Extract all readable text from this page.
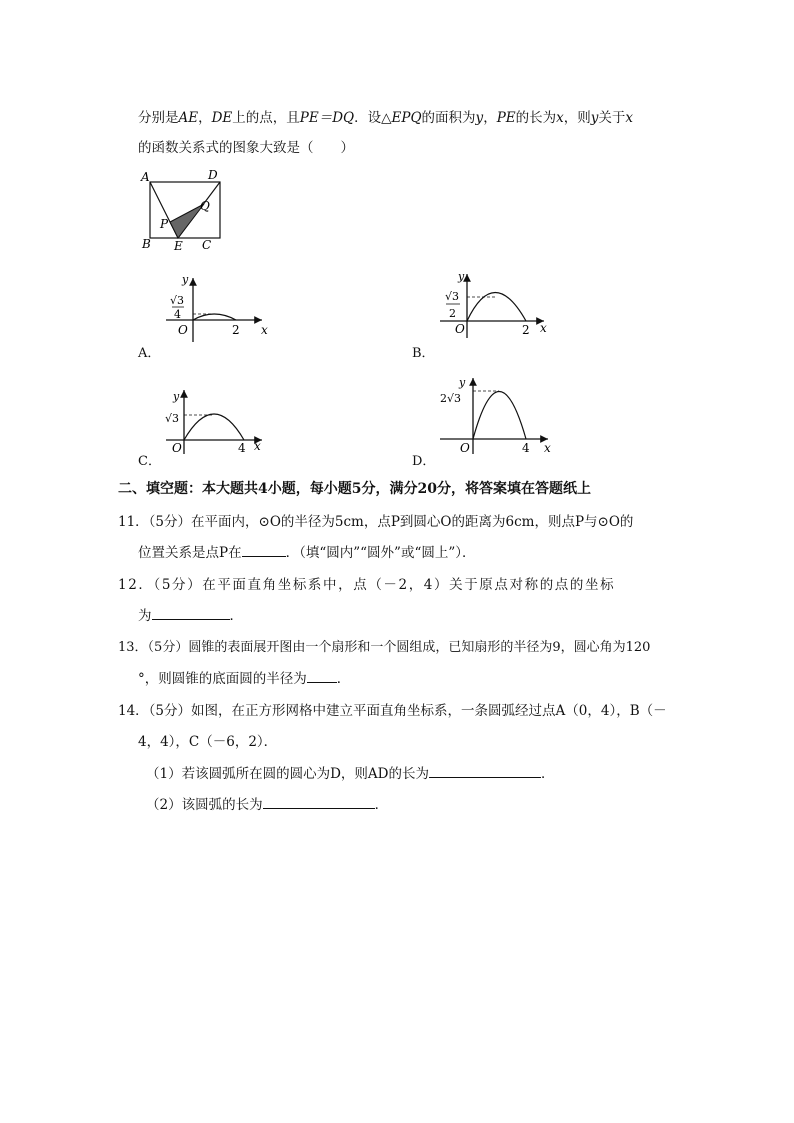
分别是AE，DE上的点，且PE＝DQ．设△EPQ的面积为y，PE的长为x，则y关于x
的函数关系式的图象大致是（　　）
A	D
Q
P
B E C
A．
y
√3
4
O	2 x
B．
y
√3
2
O	2 x
C．
y
√3
O	4 x
D．
y
2√3
O	4 x
二、填空题：本大题共4小题，每小题5分，满分20分，将答案填在答题纸上
11．（5分）在平面内，⊙O的半径为5cm，点P到圆心O的距离为6cm，则点P与⊙O的
位置关系是点P在	．（填“圆内”“圆外”或“圆上”）．
12．（5分）在平面直角坐标系中，点（－2，4）关于原点对称的点的坐标
为	．
13．（5分）圆锥的表面展开图由一个扇形和一个圆组成，已知扇形的半径为9，圆心角为120
°，则圆锥的底面圆的半径为 ．
14．（5分）如图，在正方形网格中建立平面直角坐标系，一条圆弧经过点A（0，4），B（－
4，4），C（－6，2）．
（1）若该圆弧所在圆的圆心为D，则AD的长为	．
（2）该圆弧的长为	．
